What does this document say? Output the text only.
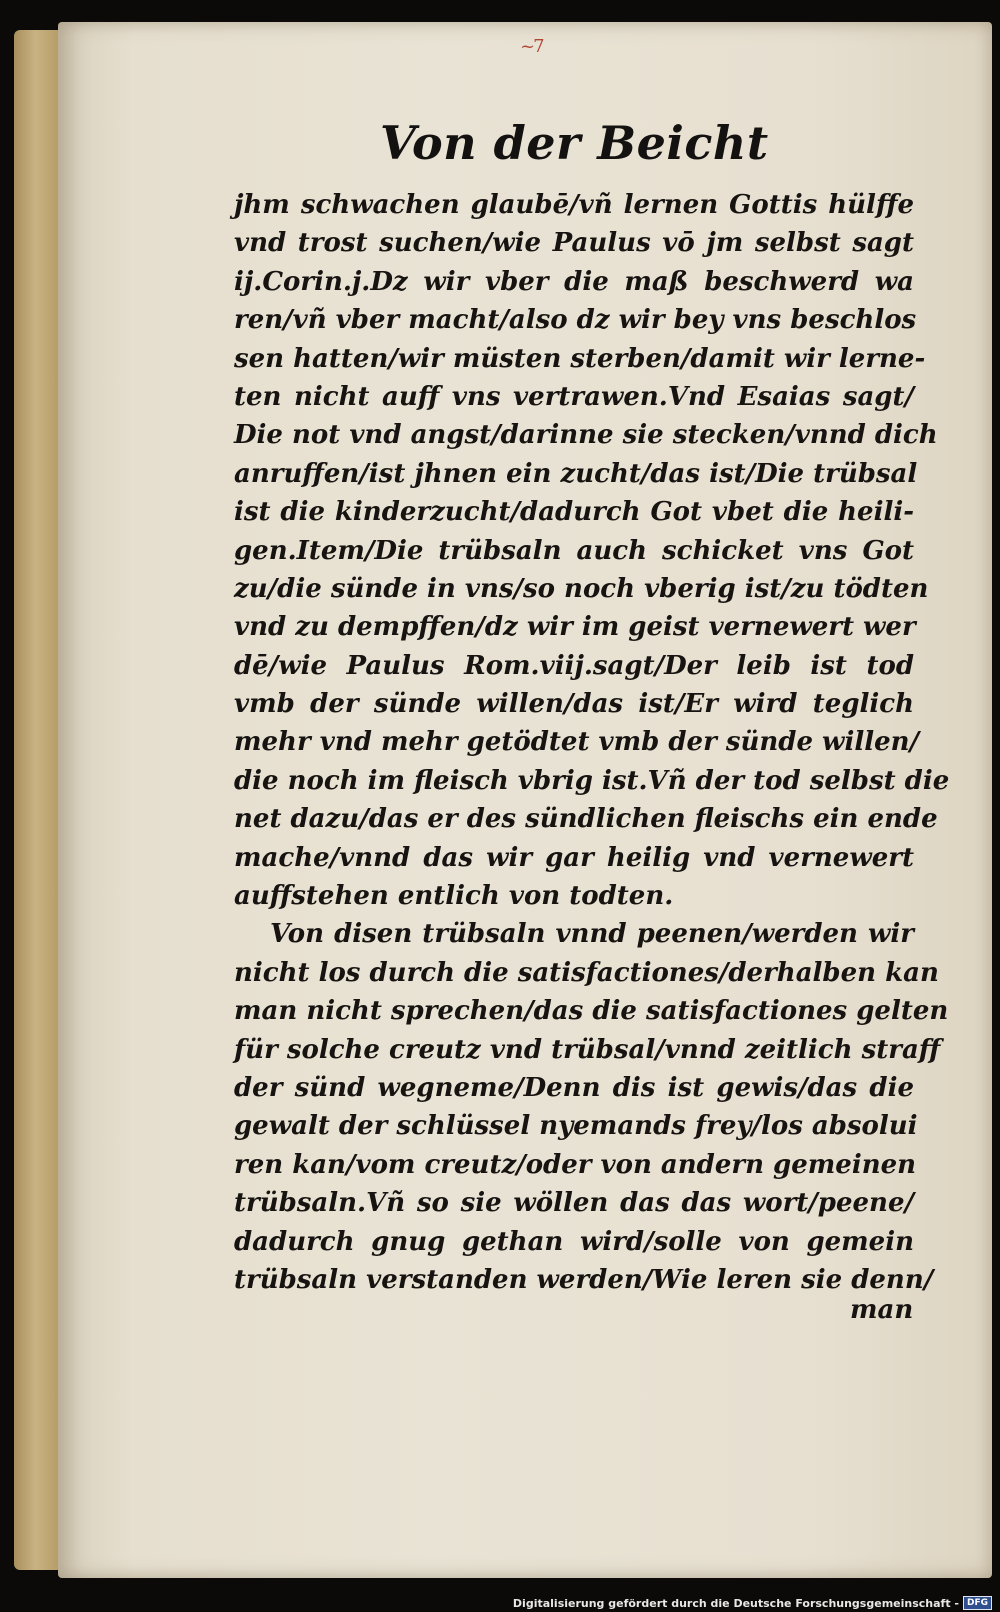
~7
Von der Beicht
jhm schwachen glaubē/vñ lernen Gottis hülffe
vnd trost suchen/wie Paulus vō jm selbst sagt
ij.Corin.j.Dz wir vber die maß beschwerd wa
ren/vñ vber macht/also dz wir bey vns beschlos
sen hatten/wir müsten sterben/damit wir lerne-
ten nicht auff vns vertrawen.Vnd Esaias sagt/
Die not vnd angst/darinne sie stecken/vnnd dich
anruffen/ist jhnen ein zucht/das ist/Die trübsal
ist die kinderzucht/dadurch Got vbet die heili-
gen.Item/Die trübsaln auch schicket vns Got
zu/die sünde in vns/so noch vberig ist/zu tödten
vnd zu dempffen/dz wir im geist vernewert wer
dē/wie Paulus Rom.viij.sagt/Der leib ist tod
vmb der sünde willen/das ist/Er wird teglich
mehr vnd mehr getödtet vmb der sünde willen/
die noch im fleisch vbrig ist.Vñ der tod selbst die
net dazu/das er des sündlichen fleischs ein ende
mache/vnnd das wir gar heilig vnd vernewert
auffstehen entlich von todten.
Von disen trübsaln vnnd peenen/werden wir
nicht los durch die satisfactiones/derhalben kan
man nicht sprechen/das die satisfactiones gelten
für solche creutz vnd trübsal/vnnd zeitlich straff
der sünd wegneme/Denn dis ist gewis/das die
gewalt der schlüssel nyemands frey/los absolui
ren kan/vom creutz/oder von andern gemeinen
trübsaln.Vñ so sie wöllen das das wort/peene/
dadurch gnug gethan wird/solle von gemein
trübsaln verstanden werden/Wie leren sie denn/
man
Digitalisierung gefördert durch die Deutsche Forschungsgemeinschaft - DFG
